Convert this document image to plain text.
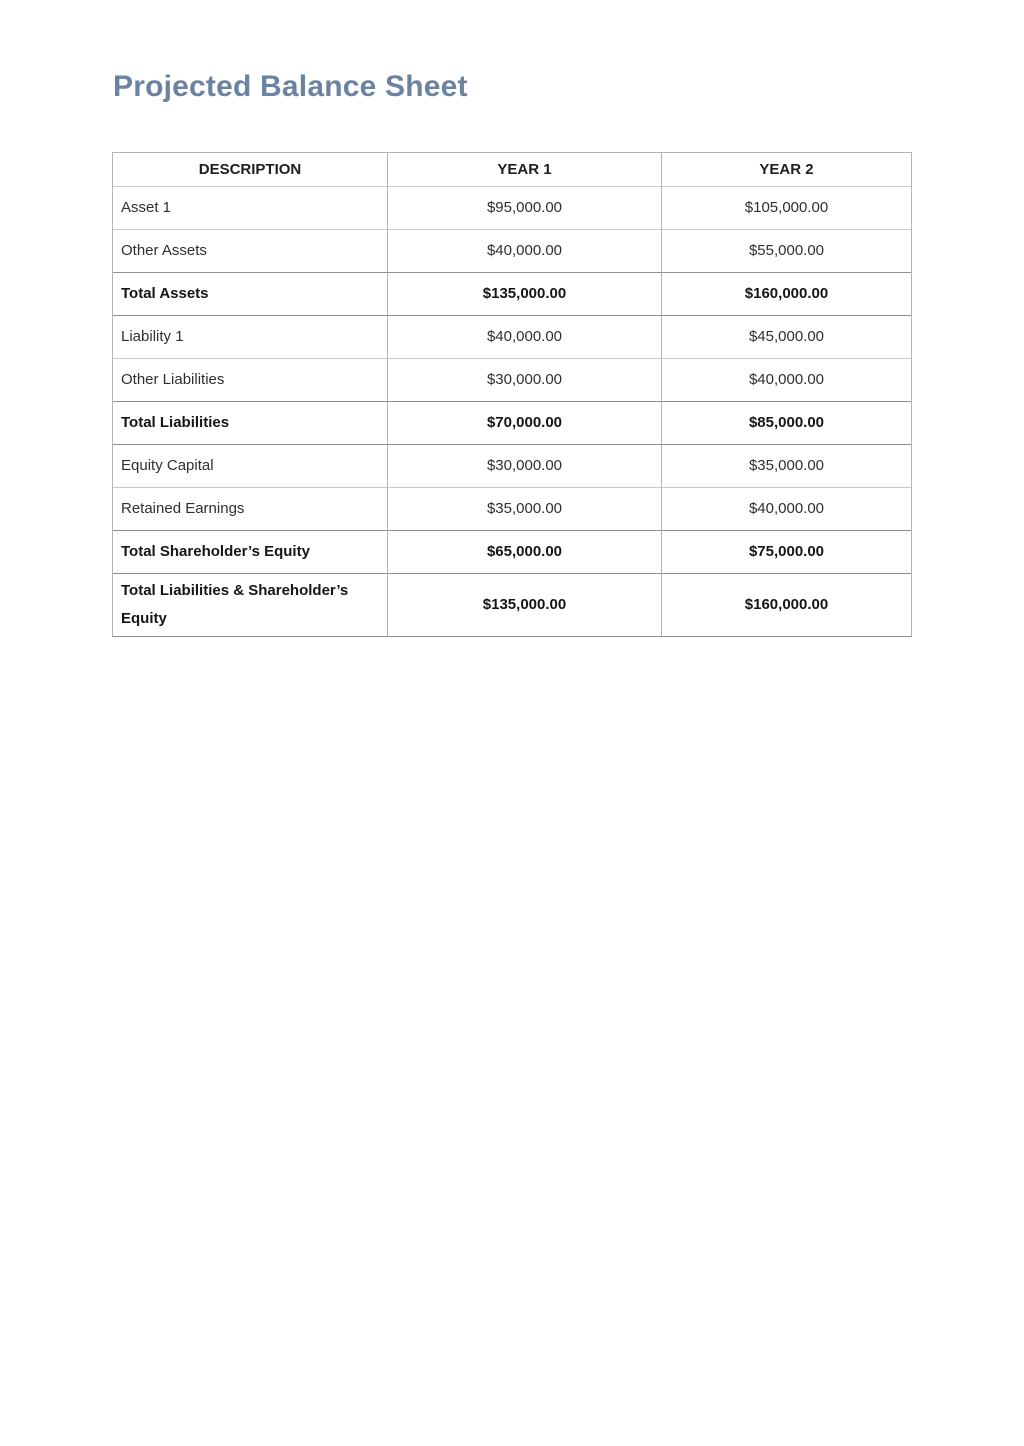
Projected Balance Sheet
DESCRIPTION	YEAR 1	YEAR 2
Asset 1	$95,000.00	$105,000.00
Other Assets	$40,000.00	$55,000.00
Total Assets	$135,000.00	$160,000.00
Liability 1	$40,000.00	$45,000.00
Other Liabilities	$30,000.00	$40,000.00
Total Liabilities	$70,000.00	$85,000.00
Equity Capital	$30,000.00	$35,000.00
Retained Earnings	$35,000.00	$40,000.00
Total Shareholder’s Equity	$65,000.00	$75,000.00
Total Liabilities & Shareholder’s Equity	$135,000.00	$160,000.00
